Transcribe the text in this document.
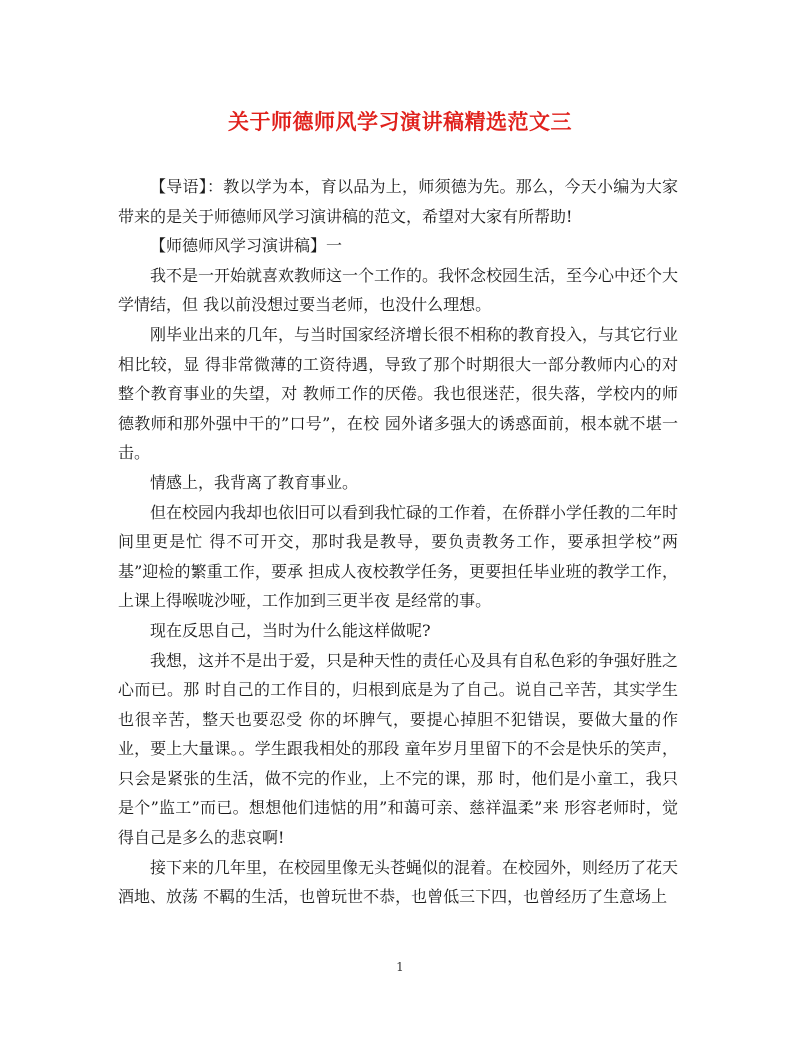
关于师德师风学习演讲稿精选范文三

【导语】：教以学为本，育以品为上，师须德为先。那么，今天小编为大家带来的是关于师德师风学习演讲稿的范文，希望对大家有所帮助!

【师德师风学习演讲稿】一

我不是一开始就喜欢教师这一个工作的。我怀念校园生活，至今心中还个大学情结，但 我以前没想过要当老师，也没什么理想。

刚毕业出来的几年，与当时国家经济增长很不相称的教育投入，与其它行业相比较，显 得非常微薄的工资待遇，导致了那个时期很大一部分教师内心的对整个教育事业的失望，对 教师工作的厌倦。我也很迷茫，很失落，学校内的师德教师和那外强中干的”口号”，在校 园外诸多强大的诱惑面前，根本就不堪一击。

情感上，我背离了教育事业。

但在校园内我却也依旧可以看到我忙碌的工作着，在侨群小学任教的二年时间里更是忙 得不可开交，那时我是教导，要负责教务工作，要承担学校”两基”迎检的繁重工作，要承 担成人夜校教学任务，更要担任毕业班的教学工作，上课上得喉咙沙哑，工作加到三更半夜 是经常的事。

现在反思自己，当时为什么能这样做呢?

我想，这并不是出于爱，只是种天性的责任心及具有自私色彩的争强好胜之心而已。那 时自己的工作目的，归根到底是为了自己。说自己辛苦，其实学生也很辛苦，整天也要忍受 你的坏脾气，要提心掉胆不犯错误，要做大量的作业，要上大量课。。学生跟我相处的那段 童年岁月里留下的不会是快乐的笑声，只会是紧张的生活，做不完的作业，上不完的课，那 时，他们是小童工，我只是个”监工”而已。想想他们违惦的用”和蔼可亲、慈祥温柔”来 形容老师时，觉得自己是多么的悲哀啊!

接下来的几年里，在校园里像无头苍蝇似的混着。在校园外，则经历了花天酒地、放荡 不羁的生活，也曾玩世不恭，也曾低三下四，也曾经历了生意场上

1
